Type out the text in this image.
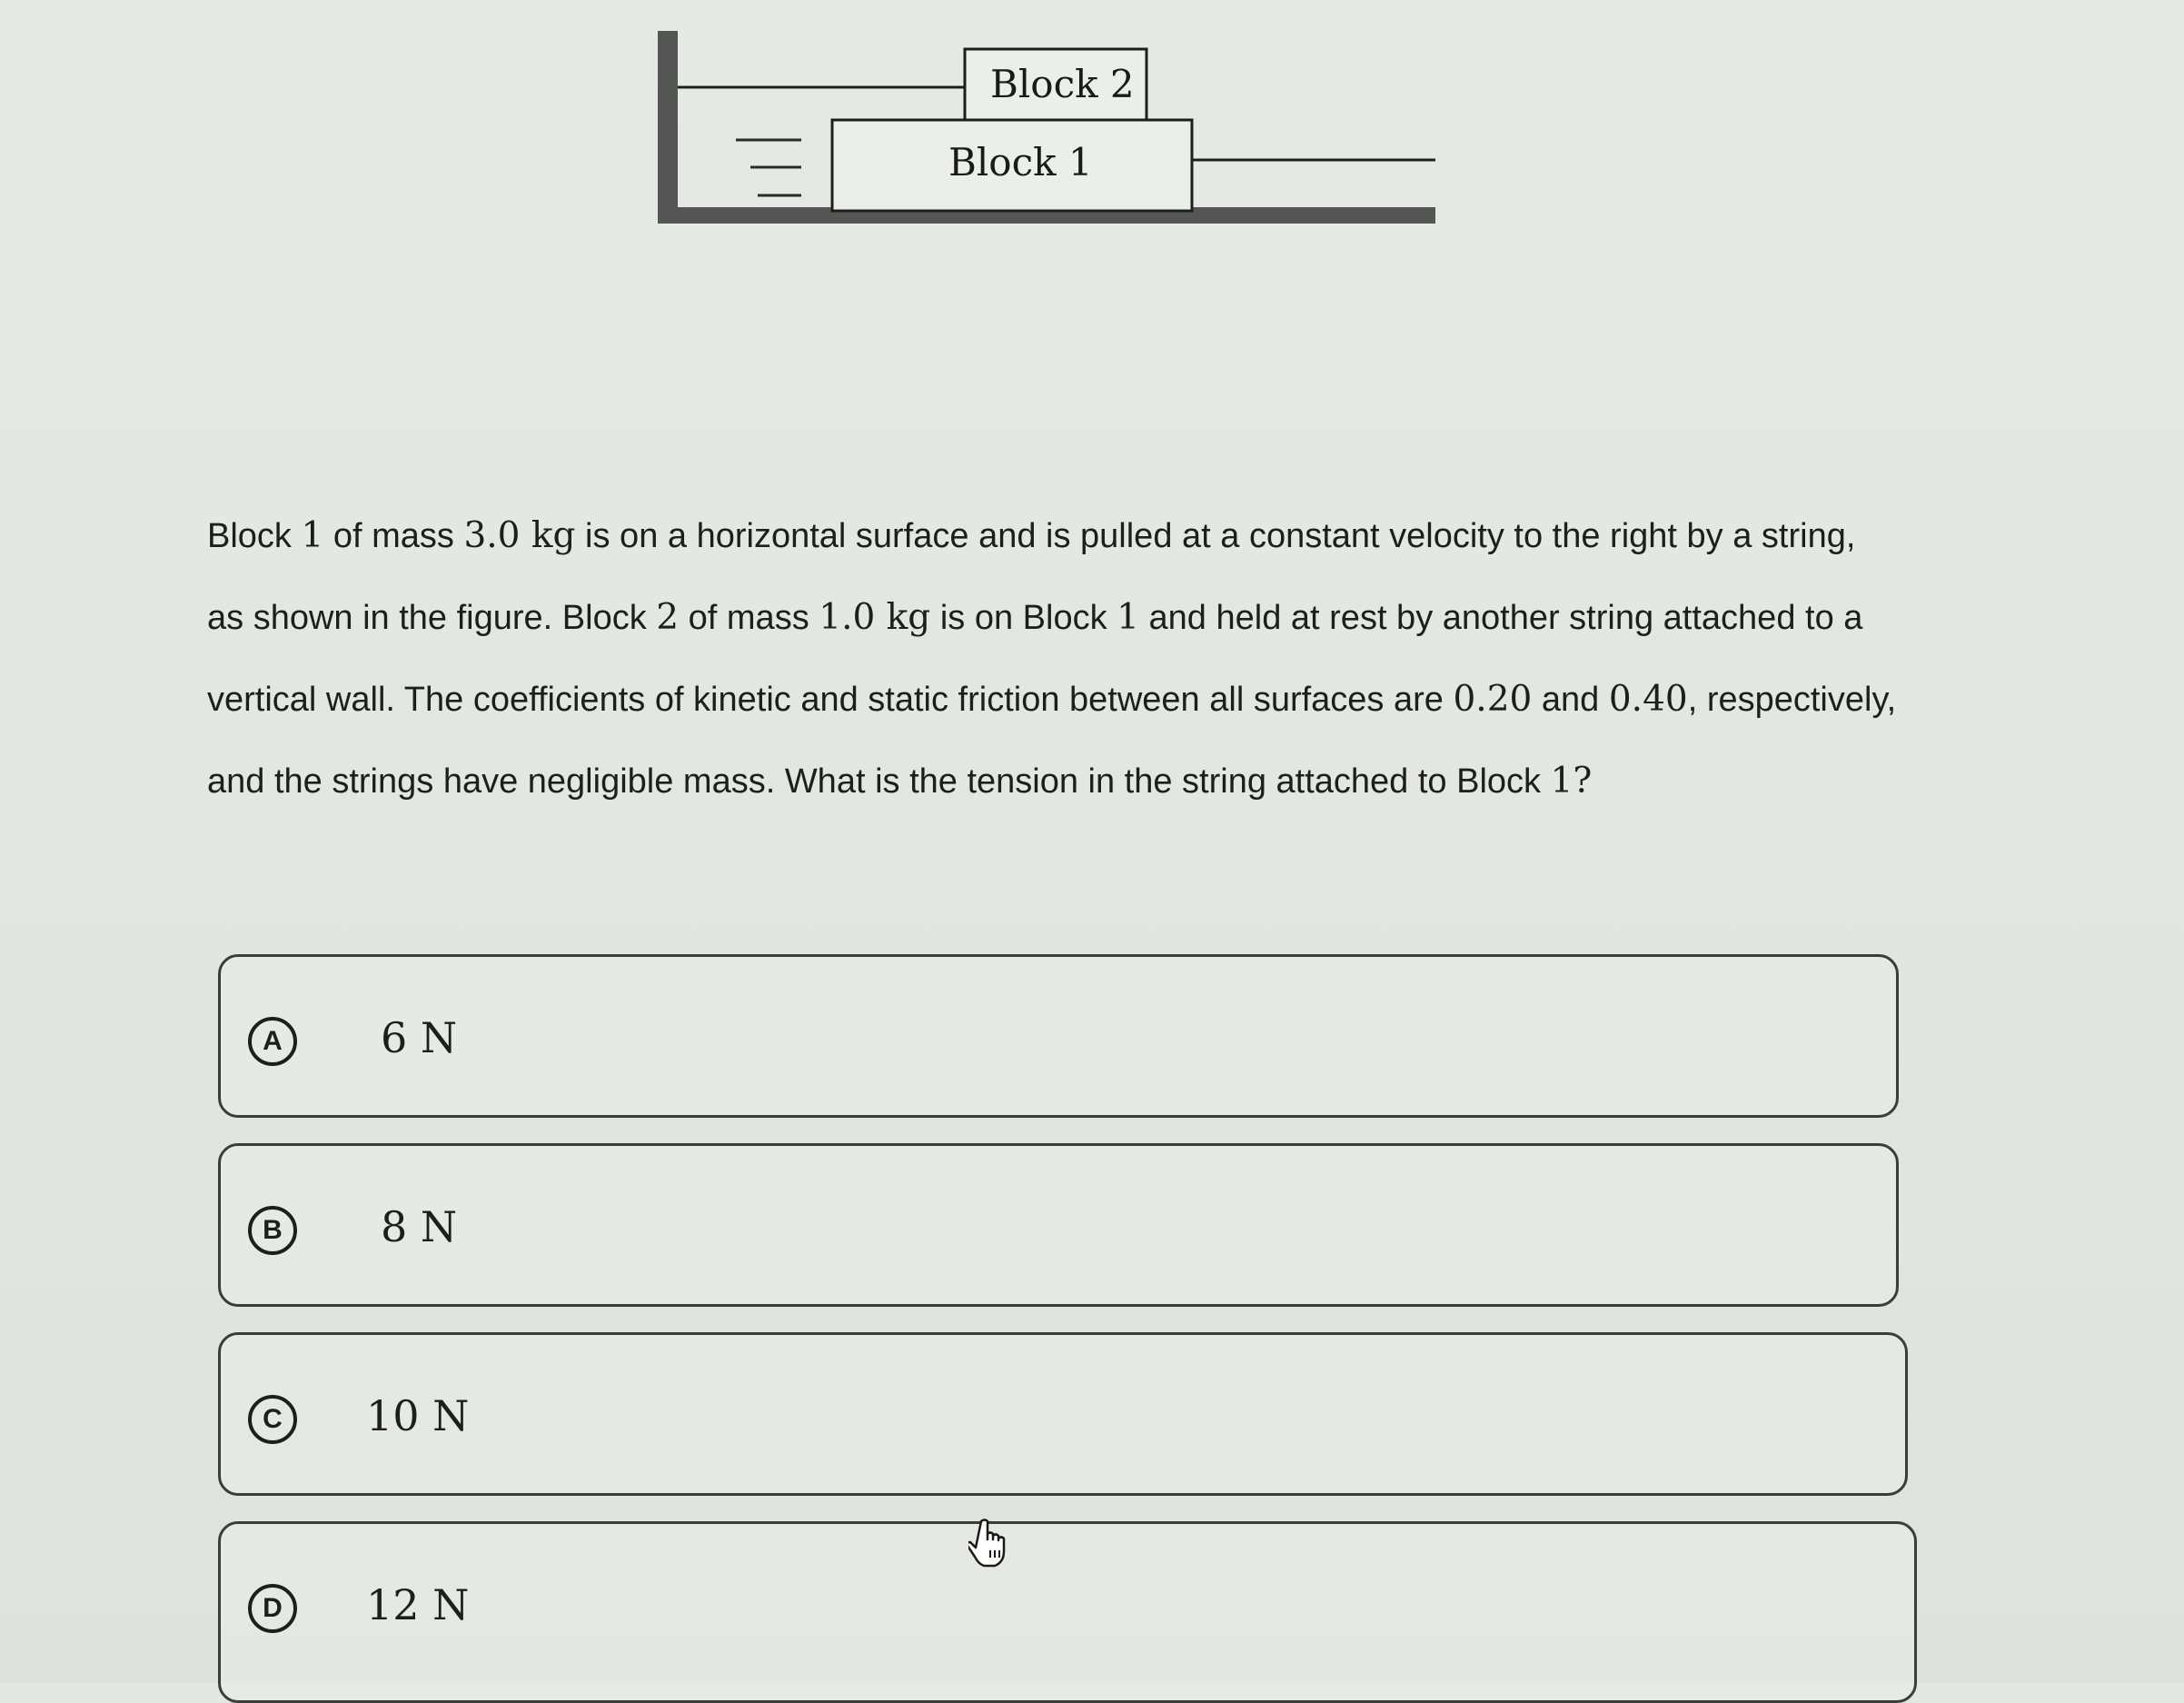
Block 2
Block 1
Block 1 of mass 3.0 kg is on a horizontal surface and is pulled at a constant velocity to the right by a string, as shown in the figure. Block 2 of mass 1.0 kg is on Block 1 and held at rest by another string attached to a vertical wall. The coefficients of kinetic and static friction between all surfaces are 0.20 and 0.40, respectively, and the strings have negligible mass. What is the tension in the string attached to Block 1?
A	6 N
B	8 N
C	10 N
D	12 N
